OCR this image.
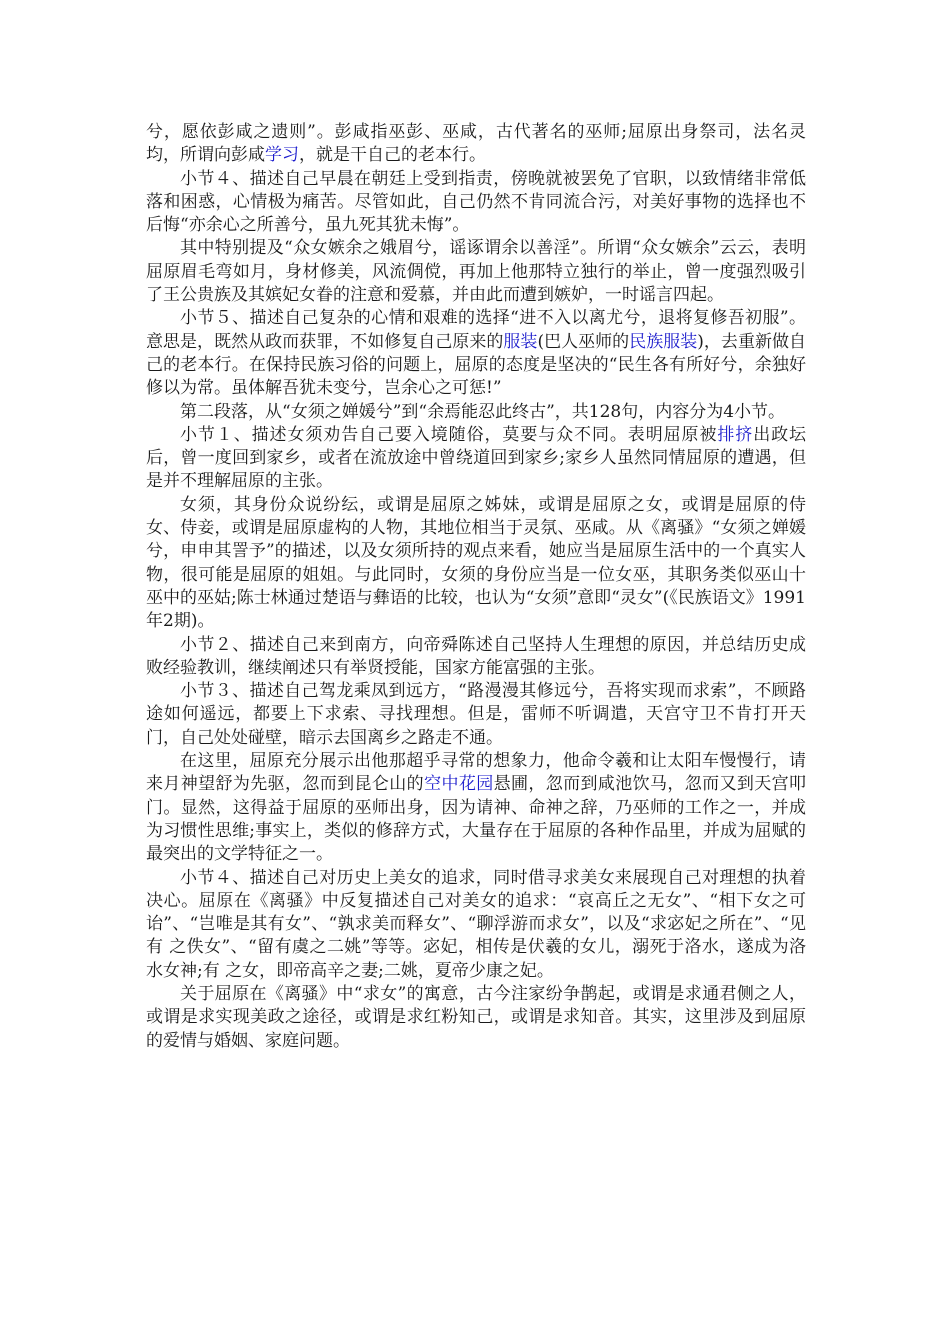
兮，愿依彭咸之遗则”。彭咸指巫彭、巫咸，古代著名的巫师;屈原出身祭司，法名灵均，所谓向彭咸学习，就是干自己的老本行。

小节４、描述自己早晨在朝廷上受到指责，傍晚就被罢免了官职，以致情绪非常低落和困惑，心情极为痛苦。尽管如此，自己仍然不肯同流合污，对美好事物的选择也不后悔“亦余心之所善兮，虽九死其犹未悔”。

其中特别提及“众女嫉余之娥眉兮，谣诼谓余以善淫”。所谓“众女嫉余”云云，表明屈原眉毛弯如月，身材修美，风流倜傥，再加上他那特立独行的举止，曾一度强烈吸引了王公贵族及其嫔妃女眷的注意和爱慕，并由此而遭到嫉妒，一时谣言四起。

小节５、描述自己复杂的心情和艰难的选择“进不入以离尤兮，退将复修吾初服”。意思是，既然从政而获罪，不如修复自己原来的服装(巴人巫师的民族服装)，去重新做自己的老本行。在保持民族习俗的问题上，屈原的态度是坚决的“民生各有所好兮，余独好修以为常。虽体解吾犹未变兮，岂余心之可惩!”

第二段落，从“女须之婵媛兮”到“余焉能忍此终古”，共128句，内容分为4小节。

小节１、描述女须劝告自己要入境随俗，莫要与众不同。表明屈原被排挤出政坛后，曾一度回到家乡，或者在流放途中曾绕道回到家乡;家乡人虽然同情屈原的遭遇，但是并不理解屈原的主张。

女须，其身份众说纷纭，或谓是屈原之姊妹，或谓是屈原之女，或谓是屈原的侍女、侍妾，或谓是屈原虚构的人物，其地位相当于灵氛、巫咸。从《离骚》“女须之婵媛兮，申申其詈予”的描述，以及女须所持的观点来看，她应当是屈原生活中的一个真实人物，很可能是屈原的姐姐。与此同时，女须的身份应当是一位女巫，其职务类似巫山十巫中的巫姑;陈士林通过楚语与彝语的比较，也认为“女须”意即“灵女”(《民族语文》1991年2期)。

小节２、描述自己来到南方，向帝舜陈述自己坚持人生理想的原因，并总结历史成败经验教训，继续阐述只有举贤授能，国家方能富强的主张。

小节３、描述自己驾龙乘凤到远方，“路漫漫其修远兮，吾将实现而求索”，不顾路途如何遥远，都要上下求索、寻找理想。但是，雷师不听调遣，天宫守卫不肯打开天门，自己处处碰壁，暗示去国离乡之路走不通。

在这里，屈原充分展示出他那超乎寻常的想象力，他命令羲和让太阳车慢慢行，请来月神望舒为先驱，忽而到昆仑山的空中花园悬圃，忽而到咸池饮马，忽而又到天宫叩门。显然，这得益于屈原的巫师出身，因为请神、命神之辞，乃巫师的工作之一，并成为习惯性思维;事实上，类似的修辞方式，大量存在于屈原的各种作品里，并成为屈赋的最突出的文学特征之一。

小节４、描述自己对历史上美女的追求，同时借寻求美女来展现自己对理想的执着决心。屈原在《离骚》中反复描述自己对美女的追求：“哀高丘之无女”、“相下女之可诒”、“岂唯是其有女”、“孰求美而释女”、“聊浮游而求女”，以及“求宓妃之所在”、“见有 之佚女”、“留有虞之二姚”等等。宓妃，相传是伏羲的女儿，溺死于洛水，遂成为洛水女神;有 之女，即帝高辛之妻;二姚，夏帝少康之妃。

关于屈原在《离骚》中“求女”的寓意，古今注家纷争鹊起，或谓是求通君侧之人，或谓是求实现美政之途径，或谓是求红粉知己，或谓是求知音。其实，这里涉及到屈原的爱情与婚姻、家庭问题。
